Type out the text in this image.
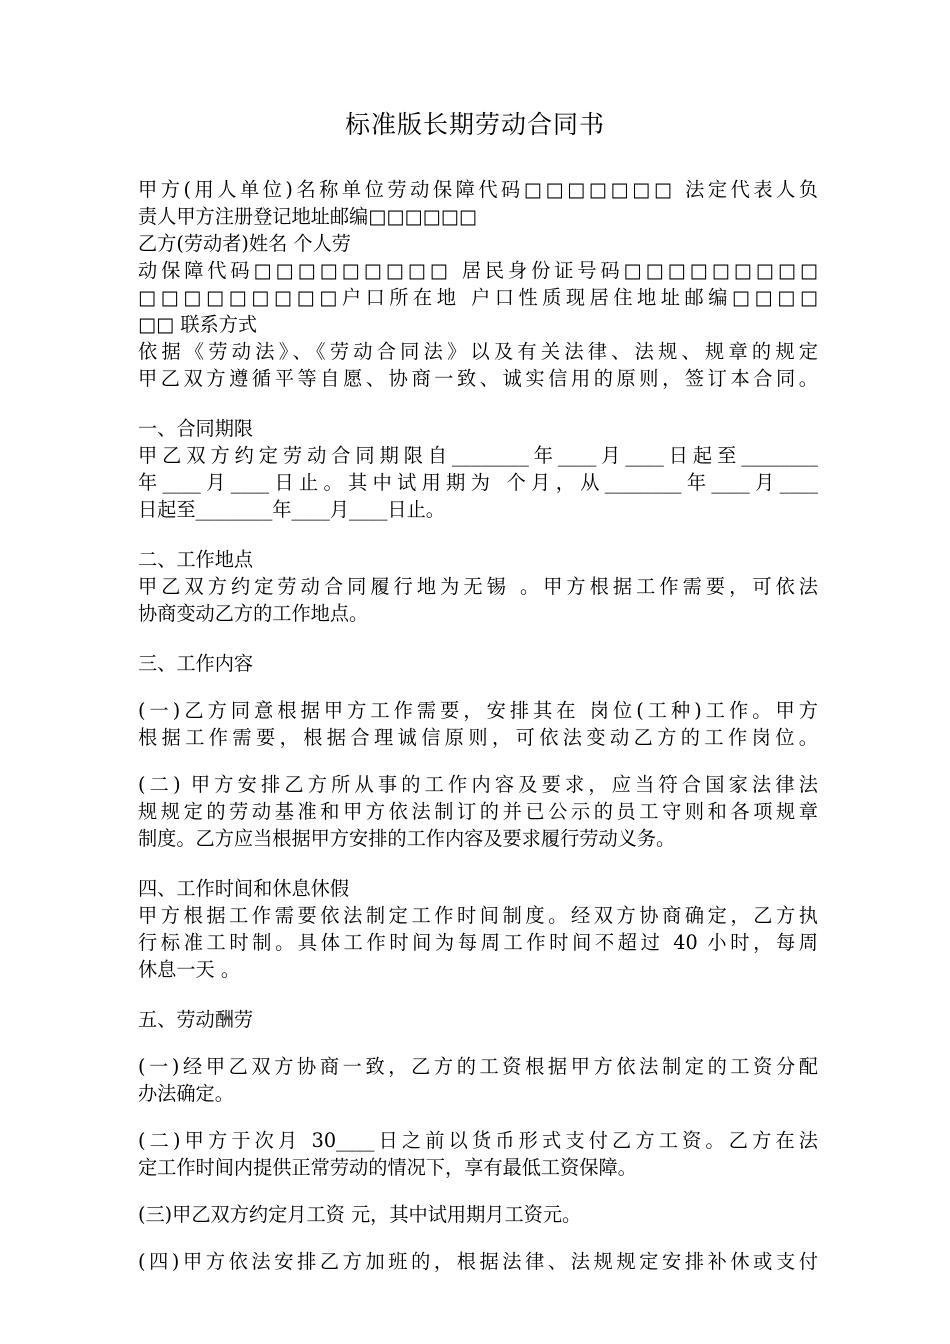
标准版长期劳动合同书
甲方(用人单位)名称单位劳动保障代码□□□□□□□ 法定代表人负
责人甲方注册登记地址邮编□□□□□□
乙方(劳动者)姓名 个人劳
动保障代码□□□□□□□□□ 居民身份证号码□□□□□□□□□
□□□□□□□□□户口所在地 户口性质现居住地址邮编□□□□
□□ 联系方式
依据《劳动法》、《劳动合同法》以及有关法律、法规、规章的规定
甲乙双方遵循平等自愿、协商一致、诚实信用的原则，签订本合同。
一、合同期限
甲乙双方约定劳动合同期限自________年____月____日起至________
年____月____日止。其中试用期为 个月，从________年____月____
日起至________年____月____日止。
二、工作地点
甲乙双方约定劳动合同履行地为无锡 。甲方根据工作需要，可依法
协商变动乙方的工作地点。
三、工作内容
(一)乙方同意根据甲方工作需要，安排其在 岗位(工种)工作。甲方
根据工作需要，根据合理诚信原则，可依法变动乙方的工作岗位。
(二) 甲方安排乙方所从事的工作内容及要求，应当符合国家法律法
规规定的劳动基准和甲方依法制订的并已公示的员工守则和各项规章
制度。乙方应当根据甲方安排的工作内容及要求履行劳动义务。
四、工作时间和休息休假
甲方根据工作需要依法制定工作时间制度。经双方协商确定，乙方执
行标准工时制。具体工作时间为每周工作时间不超过 40 小时，每周
休息一天 。
五、劳动酬劳
(一)经甲乙双方协商一致，乙方的工资根据甲方依法制定的工资分配
办法确定。
(二)甲方于次月 30____日之前以货币形式支付乙方工资。乙方在法
定工作时间内提供正常劳动的情况下，享有最低工资保障。
(三)甲乙双方约定月工资 元，其中试用期月工资元。
(四)甲方依法安排乙方加班的，根据法律、法规规定安排补休或支付
